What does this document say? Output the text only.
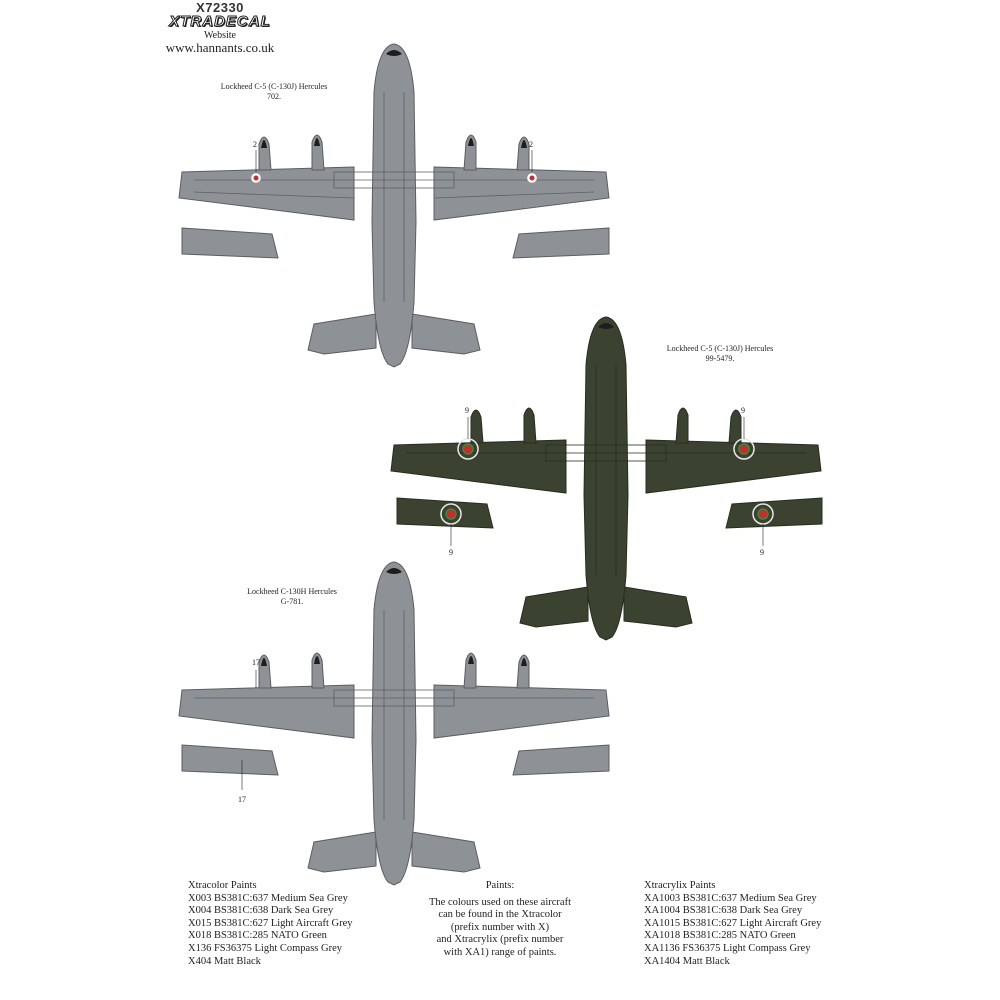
X72330
XTRADECAL
Website
www.hannants.co.uk
Lockheed C-5 (C-130J) Hercules
702.
Lockheed C-5 (C-130J) Hercules
99-5479.
Lockheed C-130H Hercules
G-781.
2	2
9	9
9	9
17
17
Xtracolor Paints
X003 BS381C:637 Medium Sea Grey
X004 BS381C:638 Dark Sea Grey
X015 BS381C:627 Light Aircraft Grey
X018 BS381C:285 NATO Green
X136 FS36375 Light Compass Grey
X404 Matt Black
Paints:
The colours used on these aircraft
can be found in the Xtracolor
(prefix number with X)
and Xtracrylix (prefix number
with XA1) range of paints.
Xtracrylix Paints
XA1003 BS381C:637 Medium Sea Grey
XA1004 BS381C:638 Dark Sea Grey
XA1015 BS381C:627 Light Aircraft Grey
XA1018 BS381C:285 NATO Green
XA1136 FS36375 Light Compass Grey
XA1404 Matt Black
